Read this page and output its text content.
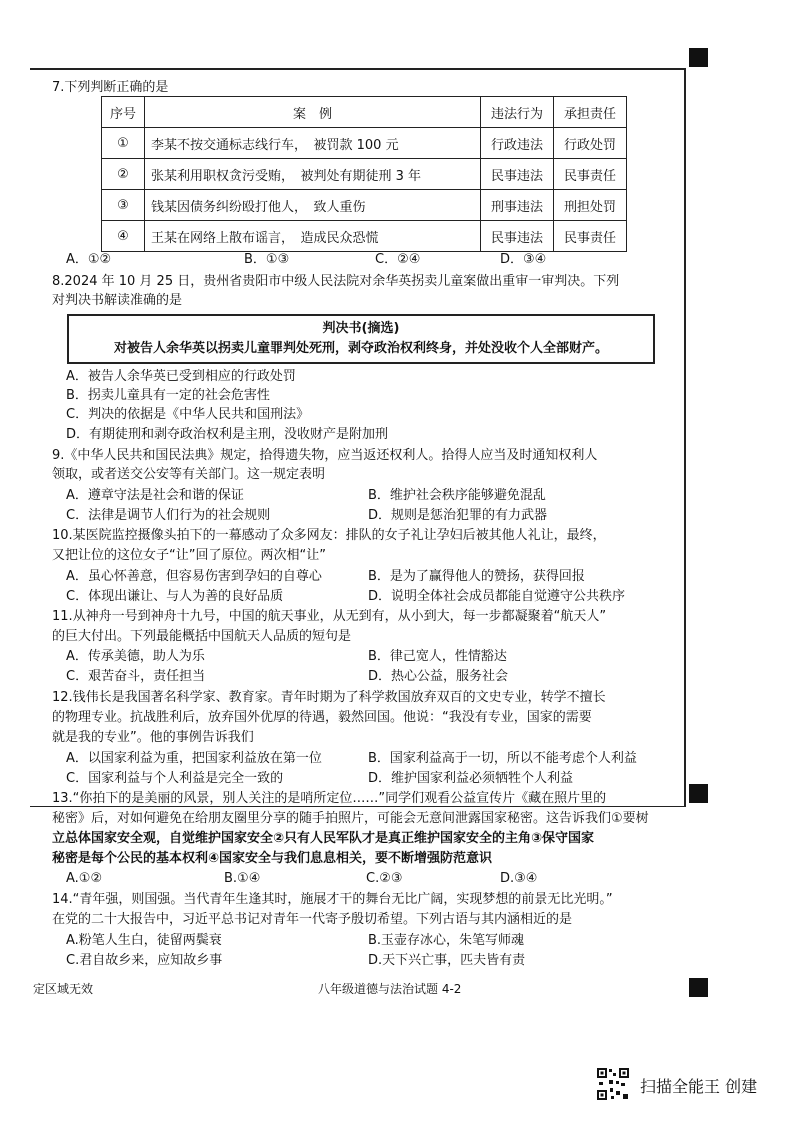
7.下列判断正确的是
序号	案　例	违法行为	承担责任
①	李某不按交通标志线行车，　被罚款 100 元	行政违法	行政处罚
②	张某利用职权贪污受贿，　被判处有期徒刑 3 年	民事违法	民事责任
③	钱某因债务纠纷殴打他人，　致人重伤	刑事违法	刑担处罚
④	王某在网络上散布谣言，　造成民众恐慌	民事违法	民事责任
A．①②	B．①③	C．②④	D．③④
8.2024 年 10 月 25 日，贵州省贵阳市中级人民法院对余华英拐卖儿童案做出重审一审判决。下列
对判决书解读准确的是
判决书(摘选)
对被告人余华英以拐卖儿童罪判处死刑，剥夺政治权利终身，并处没收个人全部财产。
A．被告人余华英已受到相应的行政处罚
B．拐卖儿童具有一定的社会危害性
C．判决的依据是《中华人民共和国刑法》
D．有期徒刑和剥夺政治权利是主刑，没收财产是附加刑
9.《中华人民共和国民法典》规定，拾得遗失物，应当返还权利人。拾得人应当及时通知权利人
领取，或者送交公安等有关部门。这一规定表明
A．遵章守法是社会和谐的保证	B．维护社会秩序能够避免混乱
C．法律是调节人们行为的社会规则	D．规则是惩治犯罪的有力武器
10.某医院监控摄像头拍下的一幕感动了众多网友：排队的女子礼让孕妇后被其他人礼让，最终，
又把让位的这位女子“让”回了原位。两次相“让”
A．虽心怀善意，但容易伤害到孕妇的自尊心	B．是为了赢得他人的赞扬，获得回报
C．体现出谦让、与人为善的良好品质	D．说明全体社会成员都能自觉遵守公共秩序
11.从神舟一号到神舟十九号，中国的航天事业，从无到有，从小到大，每一步都凝聚着“航天人”
的巨大付出。下列最能概括中国航天人品质的短句是
A．传承美德，助人为乐	B．律己宽人，性情豁达
C．艰苦奋斗，责任担当	D．热心公益，服务社会
12.钱伟长是我国著名科学家、教育家。青年时期为了科学救国放弃双百的文史专业，转学不擅长
的物理专业。抗战胜利后，放弃国外优厚的待遇，毅然回国。他说：“我没有专业，国家的需要
就是我的专业”。他的事例告诉我们
A．以国家利益为重，把国家利益放在第一位	B．国家利益高于一切，所以不能考虑个人利益
C．国家利益与个人利益是完全一致的	D．维护国家利益必须牺牲个人利益
13.“你拍下的是美丽的风景，别人关注的是哨所定位……”同学们观看公益宣传片《藏在照片里的
秘密》后，对如何避免在给朋友圈里分享的随手拍照片，可能会无意间泄露国家秘密。这告诉我们①要树
立总体国家安全观，自觉维护国家安全②只有人民军队才是真正维护国家安全的主角③保守国家
秘密是每个公民的基本权利④国家安全与我们息息相关，要不断增强防范意识
A.①②	B.①④	C.②③	D.③④
14.“青年强，则国强。当代青年生逢其时，施展才干的舞台无比广阔，实现梦想的前景无比光明。”
在党的二十大报告中，习近平总书记对青年一代寄予殷切希望。下列古语与其内涵相近的是
A.粉笔人生白，徒留两鬓衰	B.玉壶存冰心，朱笔写师魂
C.君自故乡来，应知故乡事	D.天下兴亡事，匹夫皆有责
定区域无效	八年级道德与法治试题 4-2
扫描全能王 创建
